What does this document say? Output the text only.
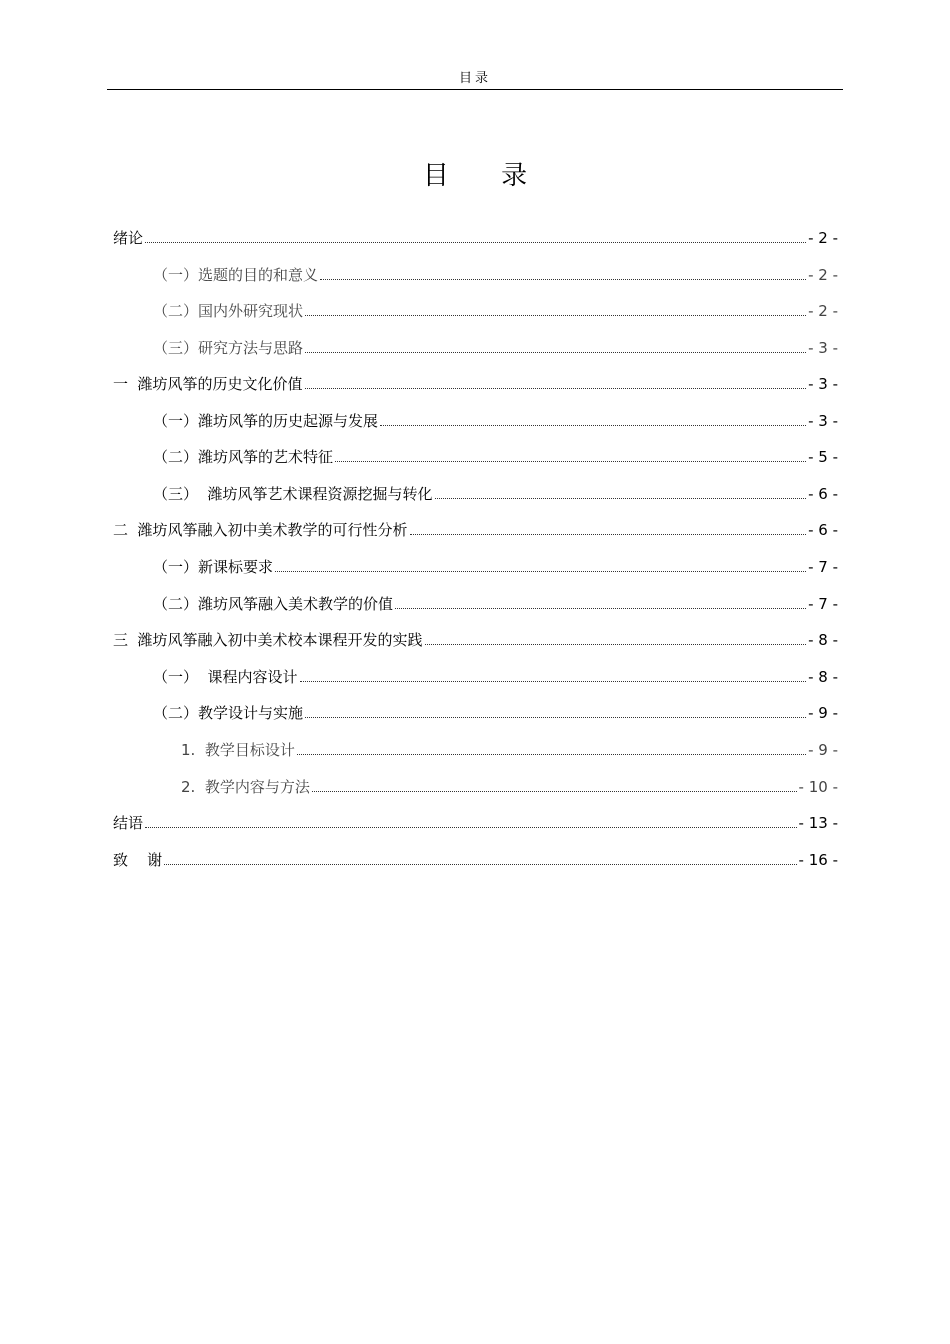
目录
目 录
绪论	- 2 -
（一）选题的目的和意义	- 2 -
（二）国内外研究现状	- 2 -
（三）研究方法与思路	- 3 -
一  潍坊风筝的历史文化价值	- 3 -
（一）潍坊风筝的历史起源与发展	- 3 -
（二）潍坊风筝的艺术特征	- 5 -
（三）  潍坊风筝艺术课程资源挖掘与转化	- 6 -
二  潍坊风筝融入初中美术教学的可行性分析	- 6 -
（一）新课标要求	- 7 -
（二）潍坊风筝融入美术教学的价值	- 7 -
三  潍坊风筝融入初中美术校本课程开发的实践	- 8 -
（一）  课程内容设计	- 8 -
（二）教学设计与实施	- 9 -
1.  教学目标设计	- 9 -
2.  教学内容与方法	- 10 -
结语	- 13 -
致    谢	- 16 -
